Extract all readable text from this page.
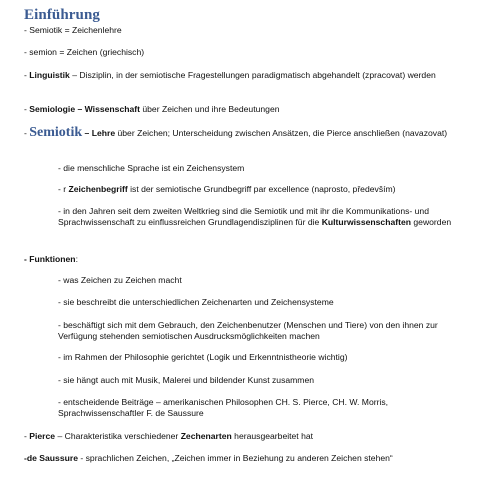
Einführung
- Semiotik = Zeichenlehre
- semion = Zeichen (griechisch)
- Linguistik – Disziplin, in der semiotische Fragestellungen paradigmatisch abgehandelt (zpracovat) werden
- Semiologie – Wissenschaft über Zeichen und ihre Bedeutungen
- Semiotik – Lehre über Zeichen; Unterscheidung zwischen Ansätzen, die Pierce anschließen (navazovat)
- die menschliche Sprache ist ein Zeichensystem
- r Zeichenbegriff ist der semiotische Grundbegriff par excellence (naprosto, především)
- in den Jahren seit dem zweiten Weltkrieg sind die Semiotik und mit ihr die Kommunikations- und Sprachwissenschaft zu einflussreichen Grundlagendisziplinen für die Kulturwissenschaften geworden
- Funktionen:
- was Zeichen zu Zeichen macht
- sie beschreibt die unterschiedlichen Zeichenarten und Zeichensysteme
- beschäftigt sich mit dem Gebrauch, den Zeichenbenutzer (Menschen und Tiere) von den ihnen zur Verfügung stehenden semiotischen Ausdrucksmöglichkeiten machen
- im Rahmen der Philosophie gerichtet (Logik und Erkenntnistheorie wichtig)
- sie hängt auch mit Musik, Malerei und bildender Kunst zusammen
- entscheidende Beiträge – amerikanischen Philosophen CH. S. Pierce, CH. W. Morris, Sprachwissenschaftler F. de Saussure
- Pierce – Charakteristika verschiedener Zechenarten herausgearbeitet hat
-de Saussure - sprachlichen Zeichen, „Zeichen immer in Beziehung zu anderen Zeichen stehen“
